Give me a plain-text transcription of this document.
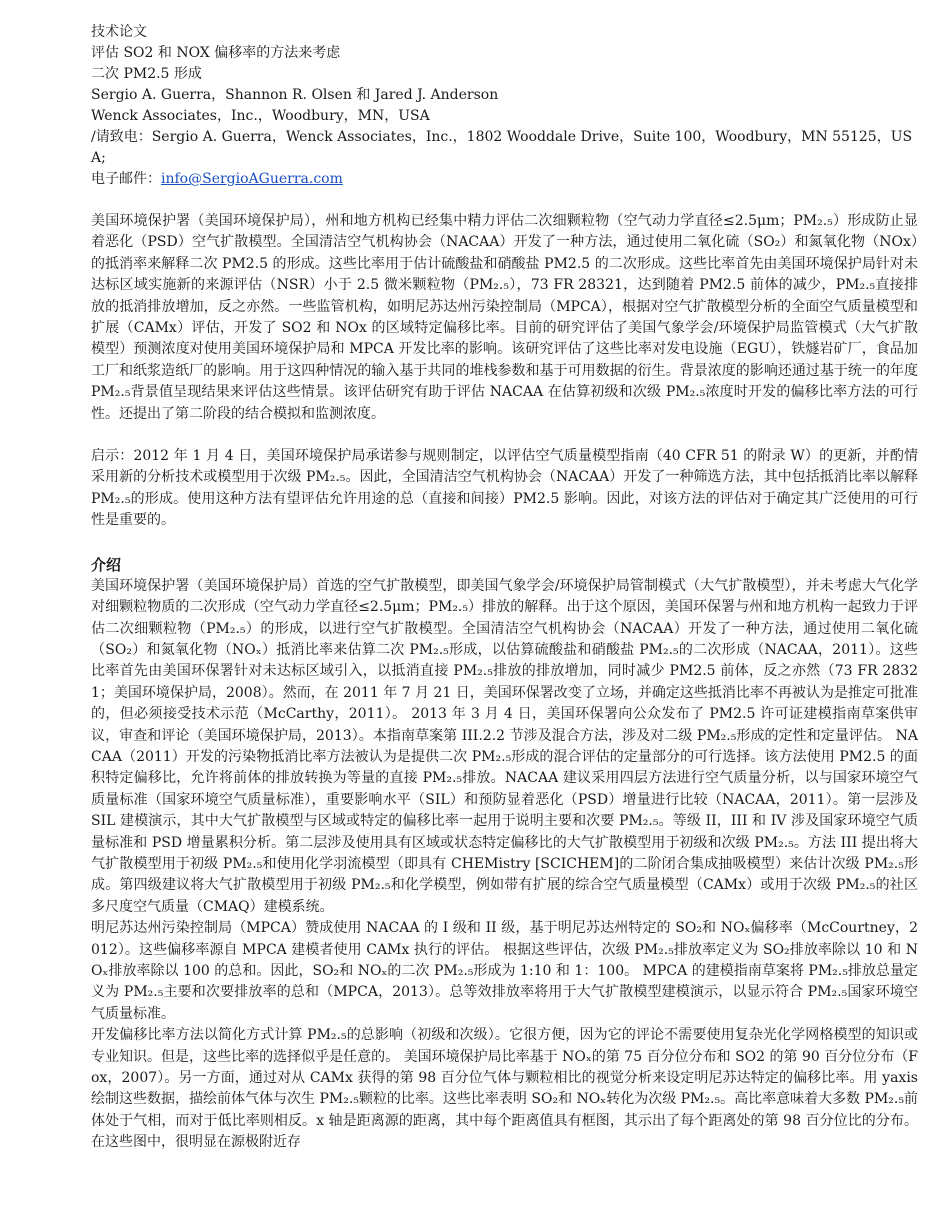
技术论文
评估 SO2 和 NOX 偏移率的方法来考虑
二次 PM2.5 形成
Sergio A. Guerra，Shannon R. Olsen 和 Jared J. Anderson
Wenck Associates，Inc.，Woodbury，MN，USA
/请致电：Sergio A. Guerra，Wenck Associates，Inc.，1802 Wooddale Drive，Suite 100，Woodbury，MN 55125，USA;
电子邮件：info@SergioAGuerra.com

美国环境保护署（美国环境保护局），州和地方机构已经集中精力评估二次细颗粒物（空气动力学直径≤2.5μm；PM₂.₅）形成防止显着恶化（PSD）空气扩散模型。全国清洁空气机构协会（NACAA）开发了一种方法，通过使用二氧化硫（SO₂）和氮氧化物（NOx）的抵消率来解释二次 PM2.5 的形成。这些比率用于估计硫酸盐和硝酸盐 PM2.5 的二次形成。这些比率首先由美国环境保护局针对未达标区域实施新的来源评估（NSR）小于 2.5 微米颗粒物（PM₂.₅），73 FR 28321，达到随着 PM2.5 前体的减少，PM₂.₅直接排放的抵消排放增加，反之亦然。一些监管机构，如明尼苏达州污染控制局（MPCA），根据对空气扩散模型分析的全面空气质量模型和扩展（CAMx）评估，开发了 SO2 和 NOx 的区域特定偏移比率。目前的研究评估了美国气象学会/环境保护局监管模式（大气扩散模型）预测浓度对使用美国环境保护局和 MPCA 开发比率的影响。该研究评估了这些比率对发电设施（EGU），铁燧岩矿厂，食品加工厂和纸浆造纸厂的影响。用于这四种情况的输入基于共同的堆栈参数和基于可用数据的衍生。背景浓度的影响还通过基于统一的年度 PM₂.₅背景值呈现结果来评估这些情景。该评估研究有助于评估 NACAA 在估算初级和次级 PM₂.₅浓度时开发的偏移比率方法的可行性。还提出了第二阶段的结合模拟和监测浓度。

启示：2012 年 1 月 4 日，美国环境保护局承诺参与规则制定，以评估空气质量模型指南（40 CFR 51 的附录 W）的更新，并酌情采用新的分析技术或模型用于次级 PM₂.₅。因此，全国清洁空气机构协会（NACAA）开发了一种筛选方法，其中包括抵消比率以解释 PM₂.₅的形成。使用这种方法有望评估允许用途的总（直接和间接）PM2.5 影响。因此，对该方法的评估对于确定其广泛使用的可行性是重要的。

介绍

美国环境保护署（美国环境保护局）首选的空气扩散模型，即美国气象学会/环境保护局管制模式（大气扩散模型），并未考虑大气化学对细颗粒物质的二次形成（空气动力学直径≤2.5μm；PM₂.₅）排放的解释。出于这个原因，美国环保署与州和地方机构一起致力于评估二次细颗粒物（PM₂.₅）的形成，以进行空气扩散模型。全国清洁空气机构协会（NACAA）开发了一种方法，通过使用二氧化硫（SO₂）和氮氧化物（NOₓ）抵消比率来估算二次 PM₂.₅形成，以估算硫酸盐和硝酸盐 PM₂.₅的二次形成（NACAA，2011）。这些比率首先由美国环保署针对未达标区域引入，以抵消直接 PM₂.₅排放的排放增加，同时减少 PM2.5 前体，反之亦然（73 FR 28321；美国环境保护局，2008）。然而，在 2011 年 7 月 21 日，美国环保署改变了立场，并确定这些抵消比率不再被认为是推定可批准的，但必须接受技术示范（McCarthy，2011）。 2013 年 3 月 4 日，美国环保署向公众发布了 PM2.5 许可证建模指南草案供审议，审查和评论（美国环境保护局，2013）。本指南草案第 III.2.2 节涉及混合方法，涉及对二级 PM₂.₅形成的定性和定量评估。 NACAA（2011）开发的污染物抵消比率方法被认为是提供二次 PM₂.₅形成的混合评估的定量部分的可行选择。该方法使用 PM2.5 的面积特定偏移比，允许将前体的排放转换为等量的直接 PM₂.₅排放。NACAA 建议采用四层方法进行空气质量分析，以与国家环境空气质量标准（国家环境空气质量标准），重要影响水平（SIL）和预防显着恶化（PSD）增量进行比较（NACAA，2011）。第一层涉及 SIL 建模演示，其中大气扩散模型与区域或特定的偏移比率一起用于说明主要和次要 PM₂.₅。等级 II，III 和 IV 涉及国家环境空气质量标准和 PSD 增量累积分析。第二层涉及使用具有区域或状态特定偏移比的大气扩散模型用于初级和次级 PM₂.₅。方法 III 提出将大气扩散模型用于初级 PM₂.₅和使用化学羽流模型（即具有 CHEMistry [SCICHEM]的二阶闭合集成抽吸模型）来估计次级 PM₂.₅形成。第四级建议将大气扩散模型用于初级 PM₂.₅和化学模型，例如带有扩展的综合空气质量模型（CAMx）或用于次级 PM₂.₅的社区多尺度空气质量（CMAQ）建模系统。

明尼苏达州污染控制局（MPCA）赞成使用 NACAA 的 I 级和 II 级，基于明尼苏达州特定的 SO₂和 NOₓ偏移率（McCourtney，2012）。这些偏移率源自 MPCA 建模者使用 CAMx 执行的评估。 根据这些评估，次级 PM₂.₅排放率定义为 SO₂排放率除以 10 和 NOₓ排放率除以 100 的总和。因此，SO₂和 NOₓ的二次 PM₂.₅形成为 1:10 和 1：100。 MPCA 的建模指南草案将 PM₂.₅排放总量定义为 PM₂.₅主要和次要排放率的总和（MPCA，2013）。总等效排放率将用于大气扩散模型建模演示，以显示符合 PM₂.₅国家环境空气质量标准。

开发偏移比率方法以简化方式计算 PM₂.₅的总影响（初级和次级）。它很方便，因为它的评论不需要使用复杂光化学网格模型的知识或专业知识。但是，这些比率的选择似乎是任意的。 美国环境保护局比率基于 NOₓ的第 75 百分位分布和 SO2 的第 90 百分位分布（Fox，2007）。另一方面，通过对从 CAMx 获得的第 98 百分位气体与颗粒相比的视觉分析来设定明尼苏达特定的偏移比率。用 yaxis 绘制这些数据，描绘前体气体与次生 PM₂.₅颗粒的比率。这些比率表明 SO₂和 NOₓ转化为次级 PM₂.₅。高比率意味着大多数 PM₂.₅前体处于气相，而对于低比率则相反。x 轴是距离源的距离，其中每个距离值具有框图，其示出了每个距离处的第 98 百分位比的分布。在这些图中，很明显在源极附近存
